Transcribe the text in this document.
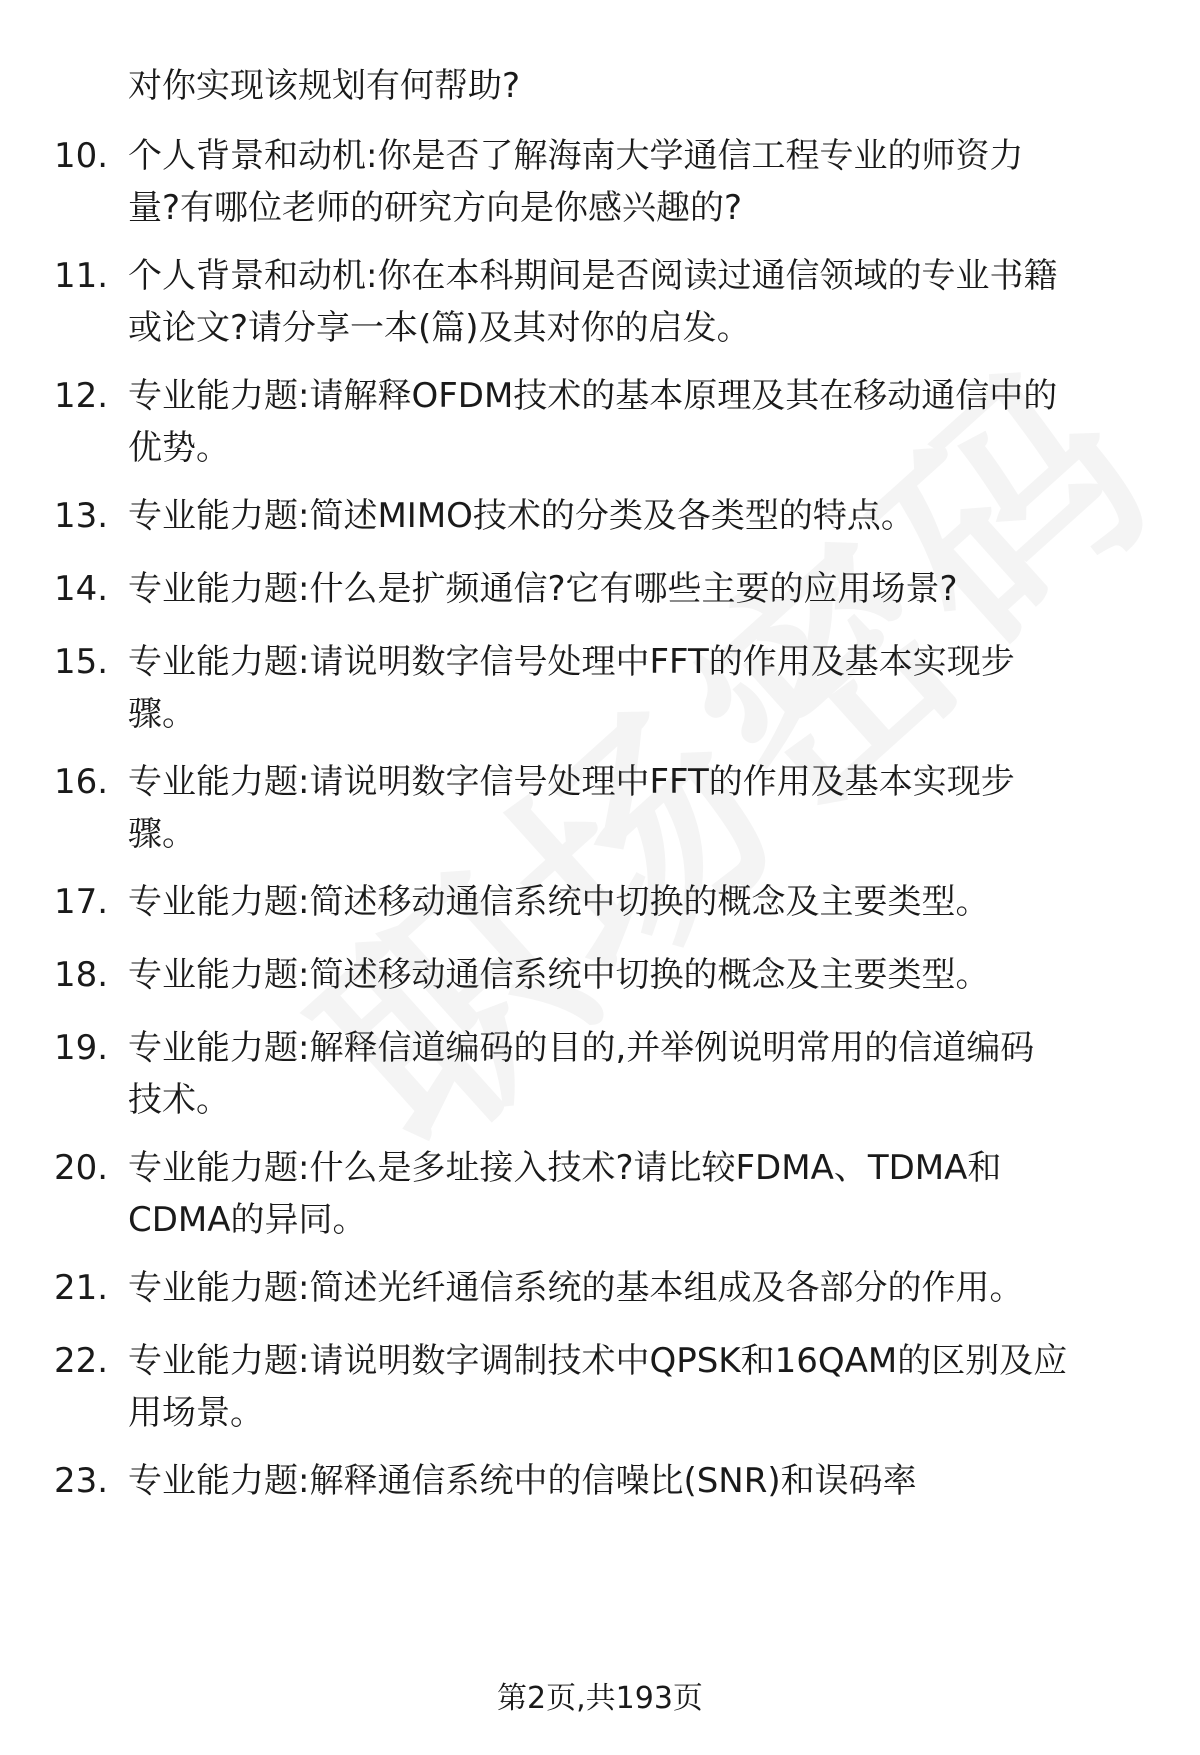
对你实现该规划有何帮助?
10. 个人背景和动机:你是否了解海南大学通信工程专业的师资力
量?有哪位老师的研究方向是你感兴趣的?
11. 个人背景和动机:你在本科期间是否阅读过通信领域的专业书籍
或论文?请分享一本(篇)及其对你的启发。
12. 专业能力题:请解释OFDM技术的基本原理及其在移动通信中的
优势。
13. 专业能力题:简述MIMO技术的分类及各类型的特点。
14. 专业能力题:什么是扩频通信?它有哪些主要的应用场景?
15. 专业能力题:请说明数字信号处理中FFT的作用及基本实现步
骤。
16. 专业能力题:请说明数字信号处理中FFT的作用及基本实现步
骤。
17. 专业能力题:简述移动通信系统中切换的概念及主要类型。
18. 专业能力题:简述移动通信系统中切换的概念及主要类型。
19. 专业能力题:解释信道编码的目的,并举例说明常用的信道编码
技术。
20. 专业能力题:什么是多址接入技术?请比较FDMA、TDMA和
CDMA的异同。
21. 专业能力题:简述光纤通信系统的基本组成及各部分的作用。
22. 专业能力题:请说明数字调制技术中QPSK和16QAM的区别及应
用场景。
23. 专业能力题:解释通信系统中的信噪比(SNR)和误码率
第2页,共193页
